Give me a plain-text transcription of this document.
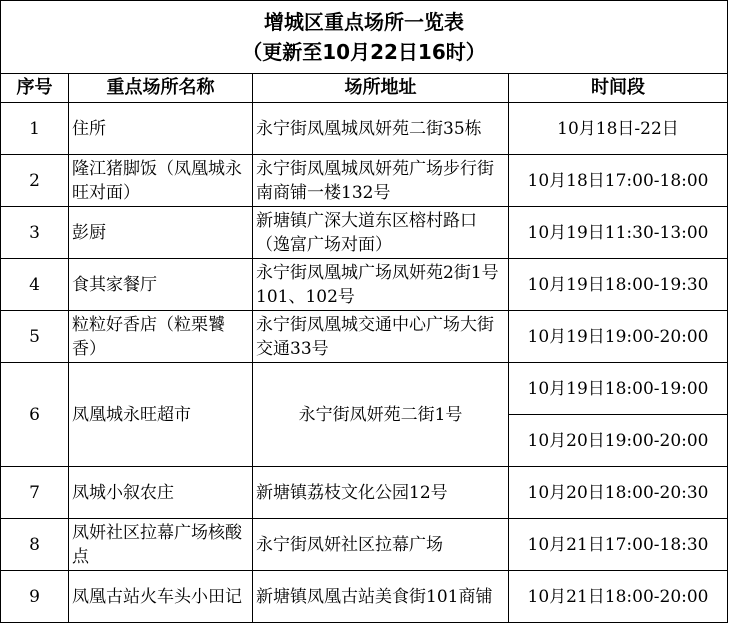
增城区重点场所一览表
（更新至10月22日16时）			

序号	重点场所名称	场所地址	时间段
1	住所	永宁街凤凰城凤妍苑二街35栋	10月18日-22日
2	隆江猪脚饭（凤凰城永旺对面）	永宁街凤凰城凤妍苑广场步行街南商铺一楼132号	10月18日17:00-18:00
3	彭厨	新塘镇广深大道东区榕村路口（逸富广场对面）	10月19日11:30-13:00
4	食其家餐厅	永宁街凤凰城广场凤妍苑2街1号101、102号	10月19日18:00-19:30
5	粒粒好香店（粒栗饕香）	永宁街凤凰城交通中心广场大街交通33号	10月19日19:00-20:00
6	凤凰城永旺超市	永宁街凤妍苑二街1号	10月19日18:00-19:00
			10月20日19:00-20:00
7	凤城小叙农庄	新塘镇荔枝文化公园12号	10月20日18:00-20:30
8	凤妍社区拉幕广场核酸点	永宁街凤妍社区拉幕广场	10月21日17:00-18:30
9	凤凰古站火车头小田记	新塘镇凤凰古站美食街101商铺	10月21日18:00-20:00
